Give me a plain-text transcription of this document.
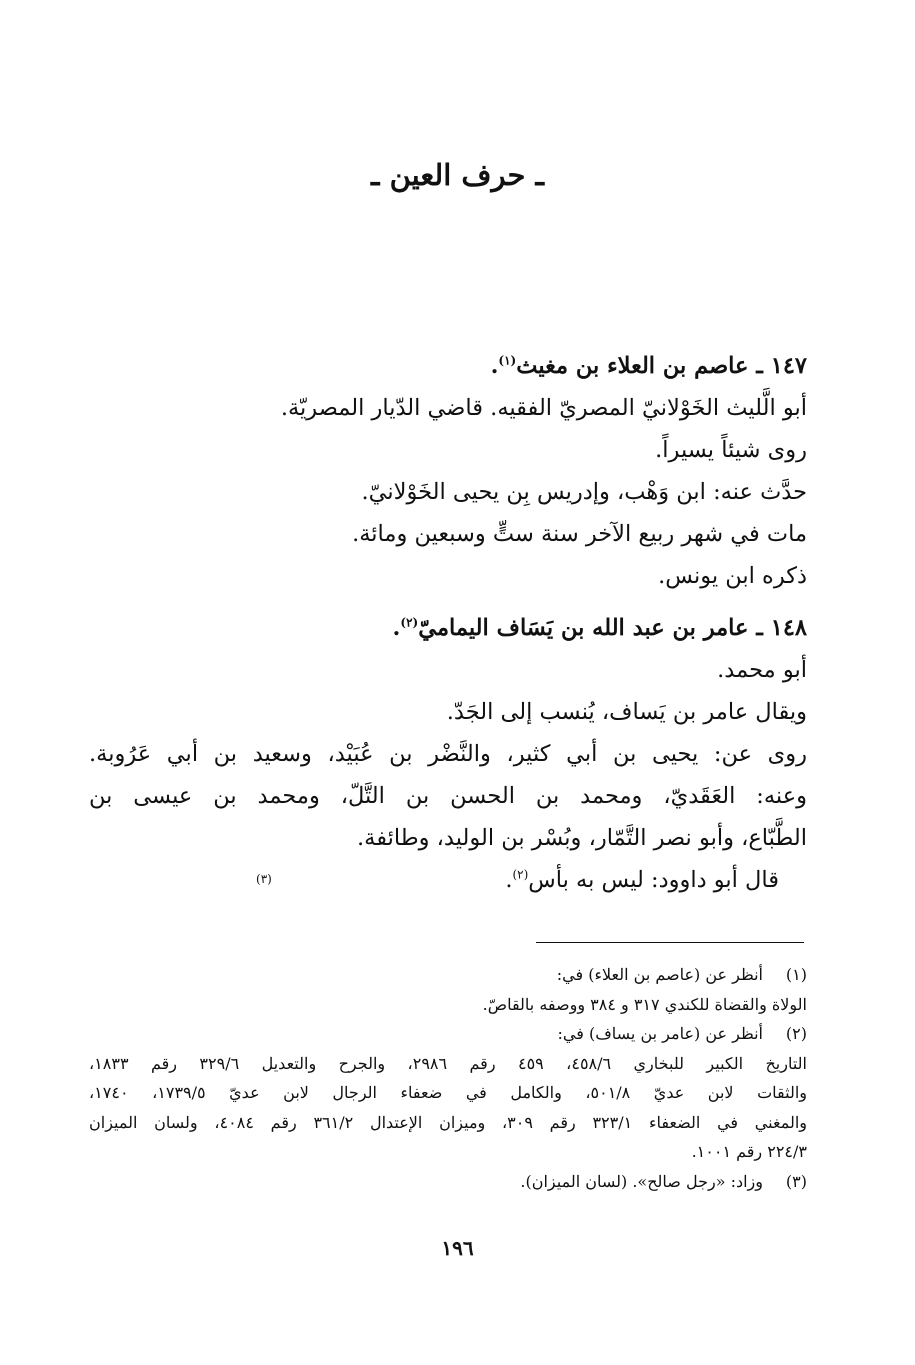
ـ حرف العين ـ
١٤٧ ـ عاصم بن العلاء بن مغيث$^{(١)}$.
أبو الَّليث الخَوْلانيّ المصريّ الفقيه. قاضي الدّيار المصريّة.
روى شيئاً يسيراً.
حدَّث عنه: ابن وَهْب، وإدريس بِن يحيى الخَوْلانيّ.
مات في شهر ربيع الآخر سنة ستٍّ وسبعين ومائة.
ذكره ابن يونس.
١٤٨ ـ عامر بن عبد الله بن يَسَاف اليماميّ$^{(٢)}$.
أبو محمد.
ويقال عامر بن يَساف، يُنسب إلى الجَدّ.
روى عن: يحيى بن أبي كثير، والنَّضْر بن عُبَيْد، وسعيد بن أبي عَرُوبة.
وعنه: العَقَديّ، ومحمد بن الحسن بن التَّلّ، ومحمد بن عيسى بن
الطَّبّاع، وأبو نصر التَّمّار، وبُسْر بن الوليد، وطائفة.
قال أبو داوود: ليس به بأس$^{(٢)}$.
(٣)
(١)أنظر عن (عاصم بن العلاء) في:
الولاة والقضاة للكندي ٣١٧ و ٣٨٤ ووصفه بالقاصّ.
(٢)أنظر عن (عامر بن يساف) في:
التاريخ الكبير للبخاري ٤٥٨/٦، ٤٥٩ رقم ٢٩٨٦، والجرح والتعديل ٣٢٩/٦ رقم ١٨٣٣،
والثقات لابن عديّ ٥٠١/٨، والكامل في ضعفاء الرجال لابن عديّ ١٧٣٩/٥، ١٧٤٠،
والمغني في الضعفاء ٣٢٣/١ رقم ٣٠٩، وميزان الإعتدال ٣٦١/٢ رقم ٤٠٨٤، ولسان الميزان
٢٢٤/٣ رقم ١٠٠١.
(٣)وزاد: «رجل صالح». (لسان الميزان).
١٩٦
